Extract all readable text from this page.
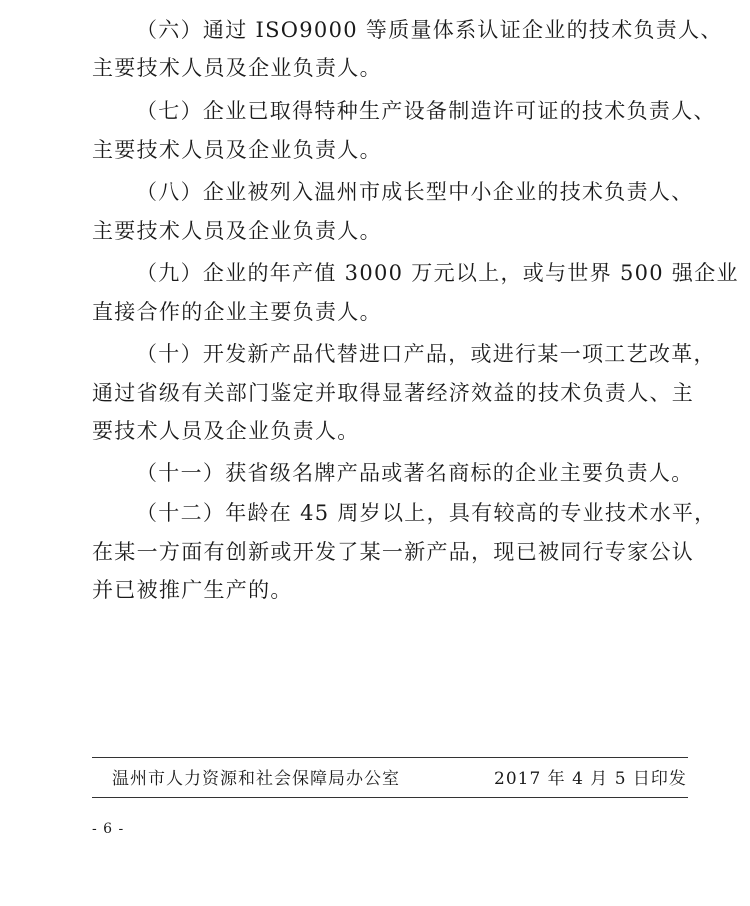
（六）通过 ISO9000 等质量体系认证企业的技术负责人、
主要技术人员及企业负责人。
（七）企业已取得特种生产设备制造许可证的技术负责人、
主要技术人员及企业负责人。
（八）企业被列入温州市成长型中小企业的技术负责人、
主要技术人员及企业负责人。
（九）企业的年产值 3000 万元以上，或与世界 500 强企业
直接合作的企业主要负责人。
（十）开发新产品代替进口产品，或进行某一项工艺改革，
通过省级有关部门鉴定并取得显著经济效益的技术负责人、主
要技术人员及企业负责人。
（十一）获省级名牌产品或著名商标的企业主要负责人。
（十二）年龄在 45 周岁以上，具有较高的专业技术水平，
在某一方面有创新或开发了某一新产品，现已被同行专家公认
并已被推广生产的。
温州市人力资源和社会保障局办公室	2017 年 4 月 5 日印发
- 6 -
